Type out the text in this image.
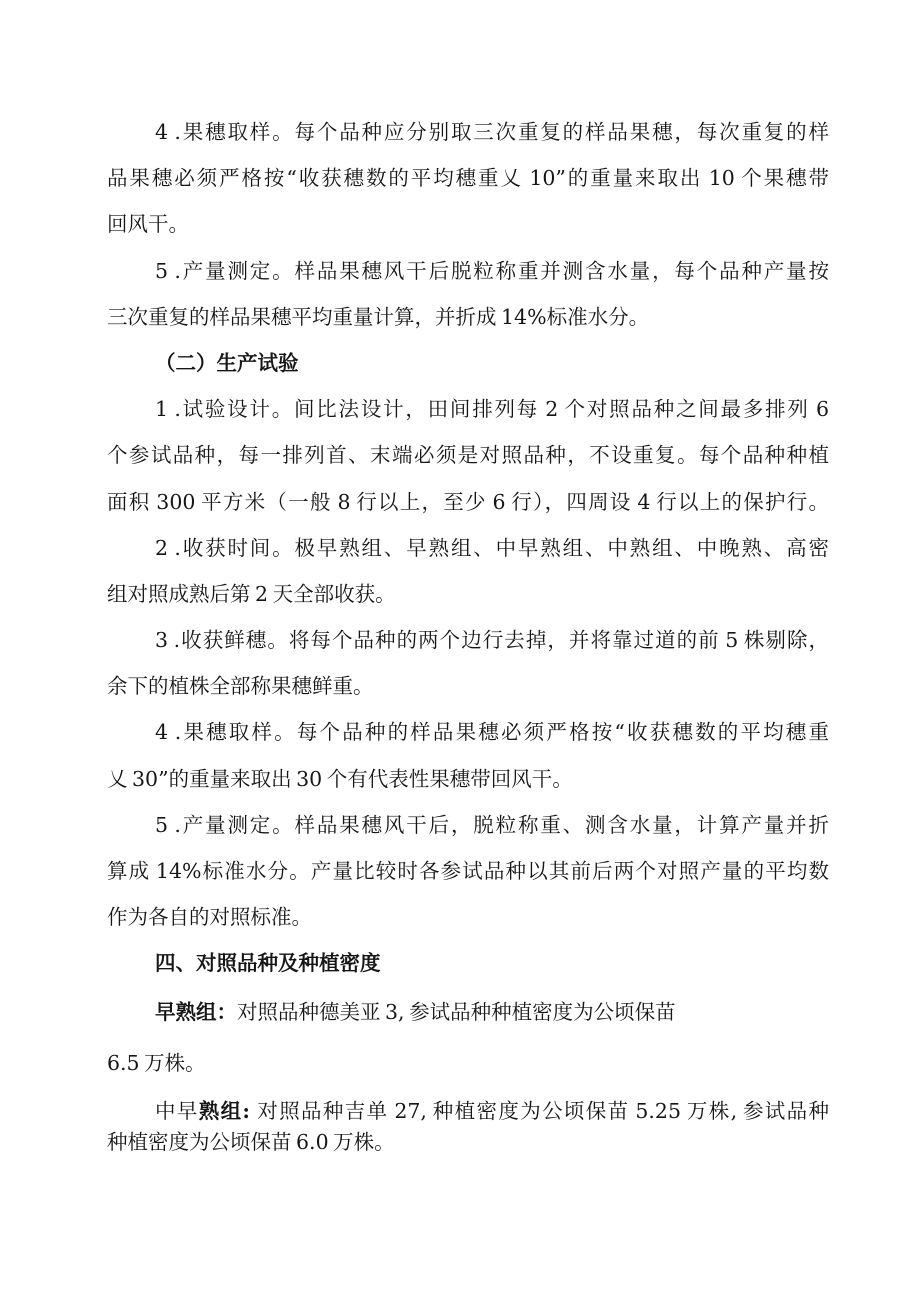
4 .果穗取样。每个品种应分别取三次重复的样品果穗，每次重复的样
品果穗必须严格按“收获穗数的平均穗重乂 10”的重量来取出 10 个果穗带
回风干。
5 .产量测定。样品果穗风干后脱粒称重并测含水量，每个品种产量按
三次重复的样品果穗平均重量计算，并折成 14%标准水分。
（二）生产试验
1 .试验设计。间比法设计，田间排列每 2 个对照品种之间最多排列 6
个参试品种，每一排列首、末端必须是对照品种，不设重复。每个品种种植
面积 300 平方米（一般 8 行以上，至少 6 行），四周设 4 行以上的保护行。
2 .收获时间。极早熟组、早熟组、中早熟组、中熟组、中晚熟、高密
组对照成熟后第 2 天全部收获。
3 .收获鲜穗。将每个品种的两个边行去掉，并将靠过道的前 5 株剔除，
余下的植株全部称果穗鲜重。
4 .果穗取样。每个品种的样品果穗必须严格按“收获穗数的平均穗重
乂 30”的重量来取出 30 个有代表性果穗带回风干。
5 .产量测定。样品果穗风干后，脱粒称重、测含水量，计算产量并折
算成 14%标准水分。产量比较时各参试品种以其前后两个对照产量的平均数
作为各自的对照标准。
四、对照品种及种植密度
早熟组：对照品种德美亚 3, 参试品种种植密度为公顷保苗
6.5 万株。
中早熟组: 对照品种吉单 27, 种植密度为公顷保苗 5.25 万株, 参试品种
种植密度为公顷保苗 6.0 万株。
